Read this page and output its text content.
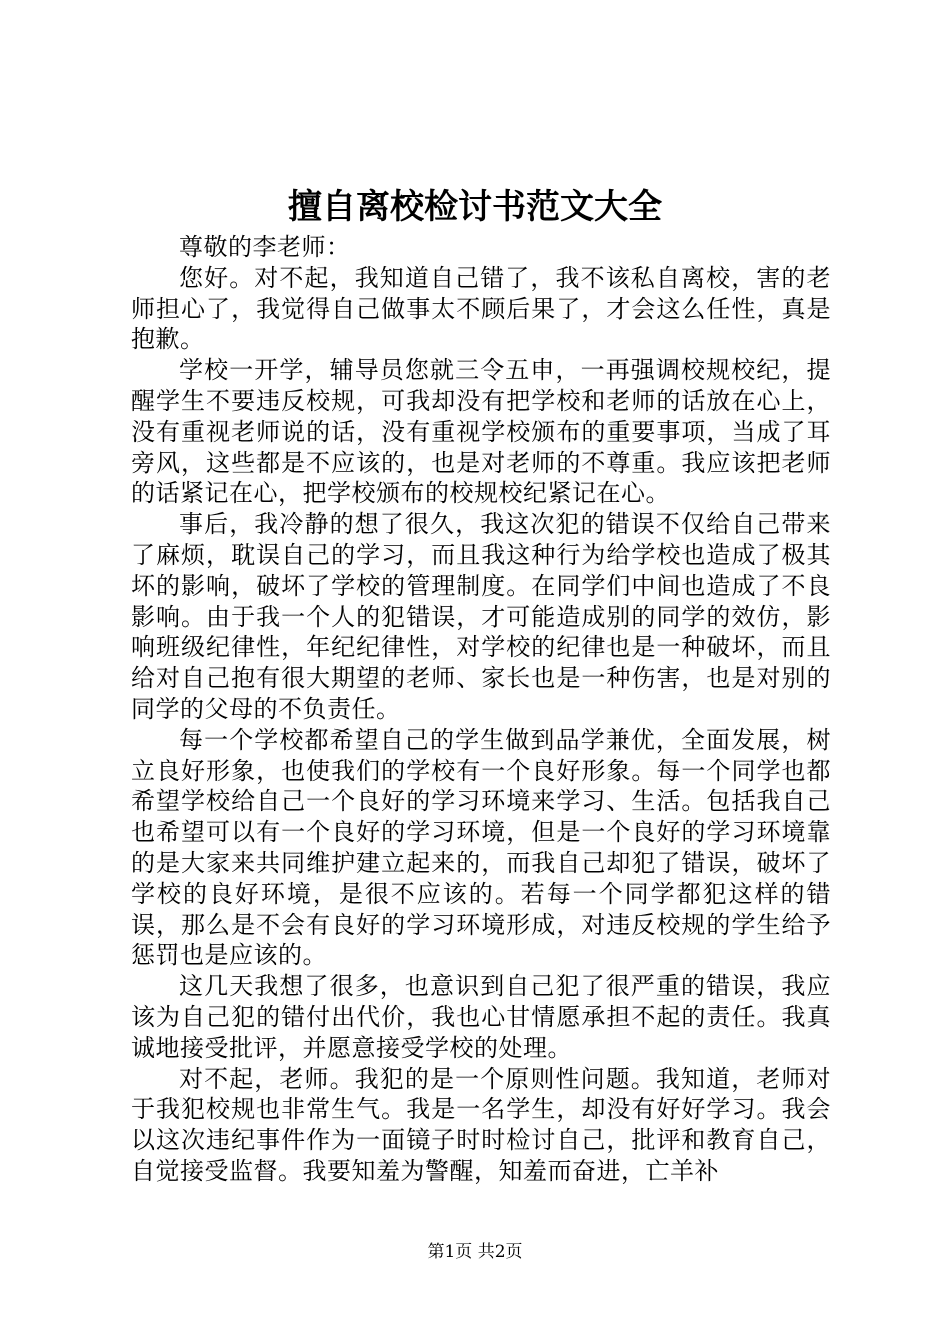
擅自离校检讨书范文大全

尊敬的李老师：

您好。对不起，我知道自己错了，我不该私自离校，害的老师担心了，我觉得自己做事太不顾后果了，才会这么任性，真是抱歉。

学校一开学，辅导员您就三令五申，一再强调校规校纪，提醒学生不要违反校规，可我却没有把学校和老师的话放在心上，没有重视老师说的话，没有重视学校颁布的重要事项，当成了耳旁风，这些都是不应该的，也是对老师的不尊重。我应该把老师的话紧记在心，把学校颁布的校规校纪紧记在心。

事后，我冷静的想了很久，我这次犯的错误不仅给自己带来了麻烦，耽误自己的学习，而且我这种行为给学校也造成了极其坏的影响，破坏了学校的管理制度。在同学们中间也造成了不良影响。由于我一个人的犯错误，才可能造成别的同学的效仿，影响班级纪律性，年纪纪律性，对学校的纪律也是一种破坏，而且给对自己抱有很大期望的老师、家长也是一种伤害，也是对别的同学的父母的不负责任。

每一个学校都希望自己的学生做到品学兼优，全面发展，树立良好形象，也使我们的学校有一个良好形象。每一个同学也都希望学校给自己一个良好的学习环境来学习、生活。包括我自己也希望可以有一个良好的学习环境，但是一个良好的学习环境靠的是大家来共同维护建立起来的，而我自己却犯了错误，破坏了学校的良好环境，是很不应该的。若每一个同学都犯这样的错误，那么是不会有良好的学习环境形成，对违反校规的学生给予惩罚也是应该的。

这几天我想了很多，也意识到自己犯了很严重的错误，我应该为自己犯的错付出代价，我也心甘情愿承担不起的责任。我真诚地接受批评，并愿意接受学校的处理。

对不起，老师。我犯的是一个原则性问题。我知道，老师对于我犯校规也非常生气。我是一名学生，却没有好好学习。我会以这次违纪事件作为一面镜子时时检讨自己，批评和教育自己，自觉接受监督。我要知羞为警醒，知羞而奋进，亡羊补

第1页 共2页
